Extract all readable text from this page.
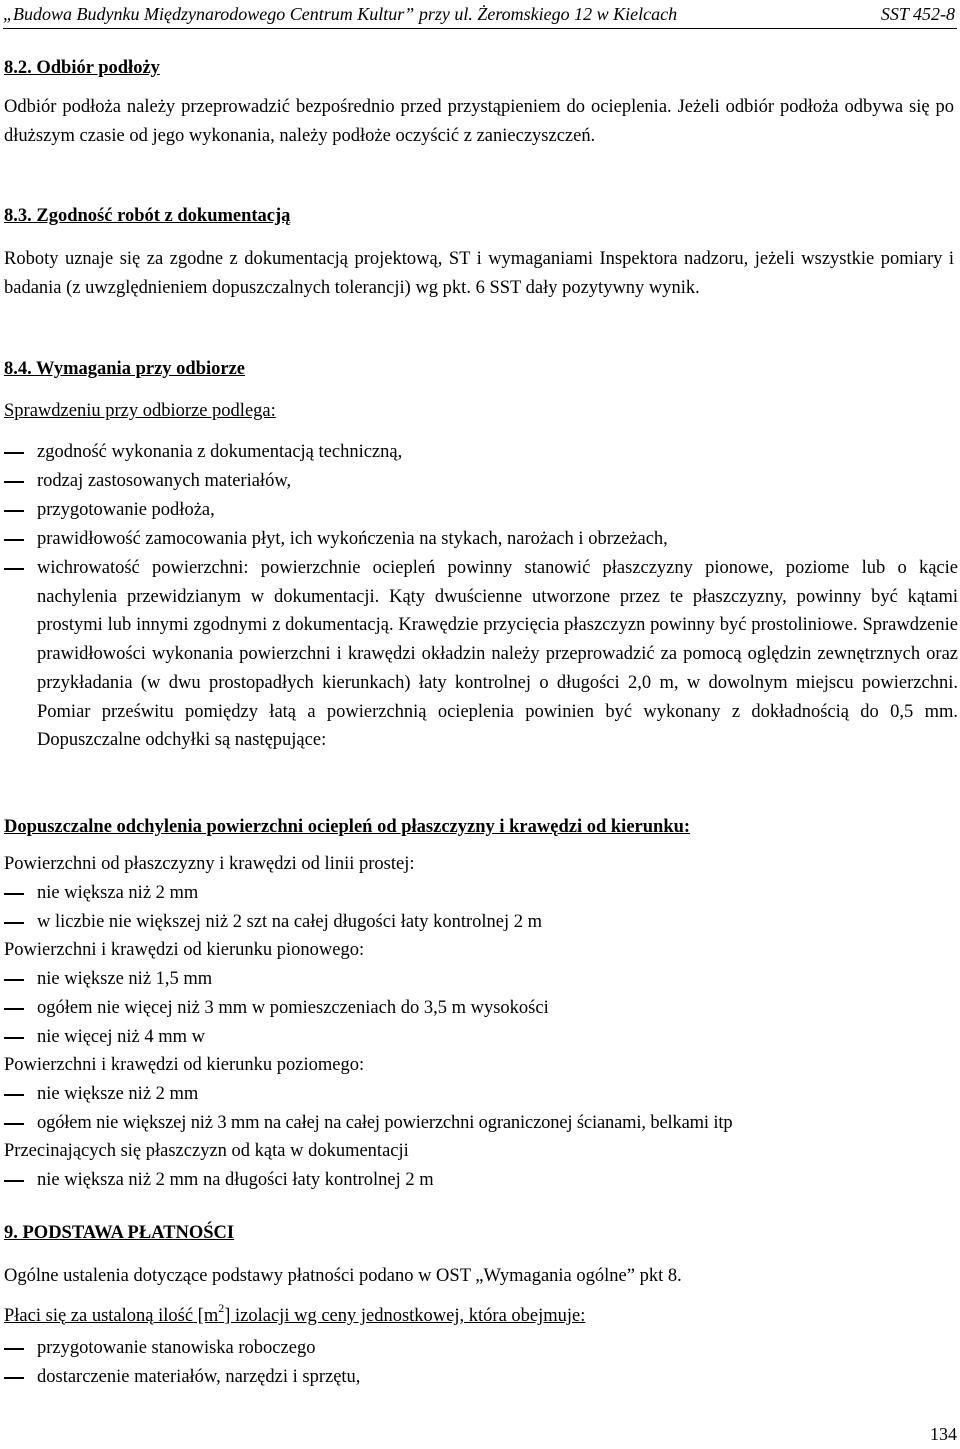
„Budowa Budynku Międzynarodowego Centrum Kultur” przy ul. Żeromskiego 12 w Kielcach	SST 452-8
8.2. Odbiór podłoży
Odbiór podłoża należy przeprowadzić bezpośrednio przed przystąpieniem do ocieplenia. Jeżeli odbiór podłoża odbywa się po dłuższym czasie od jego wykonania, należy podłoże oczyścić z zanieczyszczeń.
8.3. Zgodność robót z dokumentacją
Roboty uznaje się za zgodne z dokumentacją projektową, ST i wymaganiami Inspektora nadzoru, jeżeli wszystkie pomiary i badania (z uwzględnieniem dopuszczalnych tolerancji) wg pkt. 6 SST dały pozytywny wynik.
8.4. Wymagania przy odbiorze
Sprawdzeniu przy odbiorze podlega:
zgodność wykonania z dokumentacją techniczną,
rodzaj zastosowanych materiałów,
przygotowanie podłoża,
prawidłowość zamocowania płyt, ich wykończenia na stykach, narożach i obrzeżach,
wichrowatość powierzchni: powierzchnie ociepleń powinny stanowić płaszczyzny pionowe, poziome lub o kącie nachylenia przewidzianym w dokumentacji. Kąty dwuścienne utworzone przez te płaszczyzny, powinny być kątami prostymi lub innymi zgodnymi z dokumentacją. Krawędzie przycięcia płaszczyzn powinny być prostoliniowe. Sprawdzenie prawidłowości wykonania powierzchni i krawędzi okładzin należy przeprowadzić za pomocą oględzin zewnętrznych oraz przykładania (w dwu prostopadłych kierunkach) łaty kontrolnej o długości 2,0 m, w dowolnym miejscu powierzchni. Pomiar prześwitu pomiędzy łatą a powierzchnią ocieplenia powinien być wykonany z dokładnością do 0,5 mm. Dopuszczalne odchyłki są następujące:
Dopuszczalne odchylenia powierzchni ociepleń od płaszczyzny i krawędzi od kierunku:
Powierzchni od płaszczyzny i krawędzi od linii prostej:
nie większa niż 2 mm
w liczbie nie większej niż 2 szt na całej długości łaty kontrolnej 2 m
Powierzchni i krawędzi od kierunku pionowego:
nie większe niż 1,5 mm
ogółem nie więcej niż 3 mm w pomieszczeniach do 3,5 m wysokości
nie więcej niż 4 mm w
Powierzchni i krawędzi od kierunku poziomego:
nie większe niż 2 mm
ogółem nie większej niż 3 mm na całej na całej powierzchni ograniczonej ścianami, belkami itp
Przecinających się płaszczyzn od kąta w dokumentacji
nie większa niż 2 mm na długości łaty kontrolnej 2 m
9. PODSTAWA PŁATNOŚCI
Ogólne ustalenia dotyczące podstawy płatności podano w OST „Wymagania ogólne” pkt 8.
Płaci się za ustaloną ilość $[m^2]$ izolacji wg ceny jednostkowej, która obejmuje:
przygotowanie stanowiska roboczego
dostarczenie materiałów, narzędzi i sprzętu,
134
